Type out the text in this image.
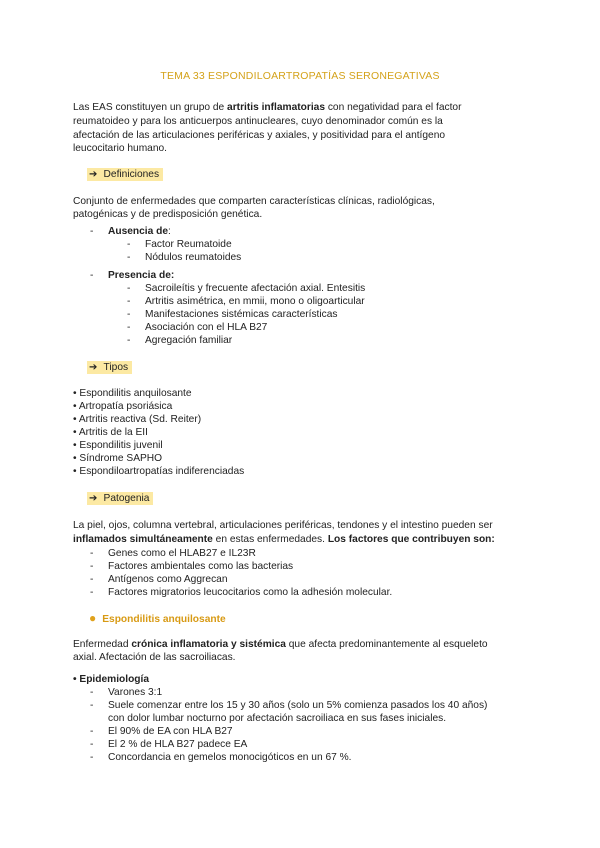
TEMA 33 ESPONDILOARTROPATÍAS SERONEGATIVAS
Las EAS constituyen un grupo de artritis inflamatorias con negatividad para el factor
reumatoideo y para los anticuerpos antinucleares, cuyo denominador común es la
afectación de las articulaciones periféricas y axiales, y positividad para el antígeno
leucocitario humano.
➔ Definiciones
Conjunto de enfermedades que comparten características clínicas, radiológicas,
patogénicas y de predisposición genética.
- Ausencia de:
- Factor Reumatoide
- Nódulos reumatoides
- Presencia de:
- Sacroileítis y frecuente afectación axial. Entesitis
- Artritis asimétrica, en mmii, mono o oligoarticular
- Manifestaciones sistémicas características
- Asociación con el HLA B27
- Agregación familiar
➔ Tipos
• Espondilitis anquilosante
• Artropatía psoriásica
• Artritis reactiva (Sd. Reiter)
• Artritis de la EII
• Espondilitis juvenil
• Síndrome SAPHO
• Espondiloartropatías indiferenciadas
➔ Patogenia
La piel, ojos, columna vertebral, articulaciones periféricas, tendones y el intestino pueden ser
inflamados simultáneamente en estas enfermedades. Los factores que contribuyen son:
- Genes como el HLAB27 e IL23R
- Factores ambientales como las bacterias
- Antígenos como Aggrecan
- Factores migratorios leucocitarios como la adhesión molecular.
● Espondilitis anquilosante
Enfermedad crónica inflamatoria y sistémica que afecta predominantemente al esqueleto
axial. Afectación de las sacroiliacas.
• Epidemiología
- Varones 3:1
- Suele comenzar entre los 15 y 30 años (solo un 5% comienza pasados los 40 años)
con dolor lumbar nocturno por afectación sacroiliaca en sus fases iniciales.
- El 90% de EA con HLA B27
- El 2 % de HLA B27 padece EA
- Concordancia en gemelos monocigóticos en un 67 %.
